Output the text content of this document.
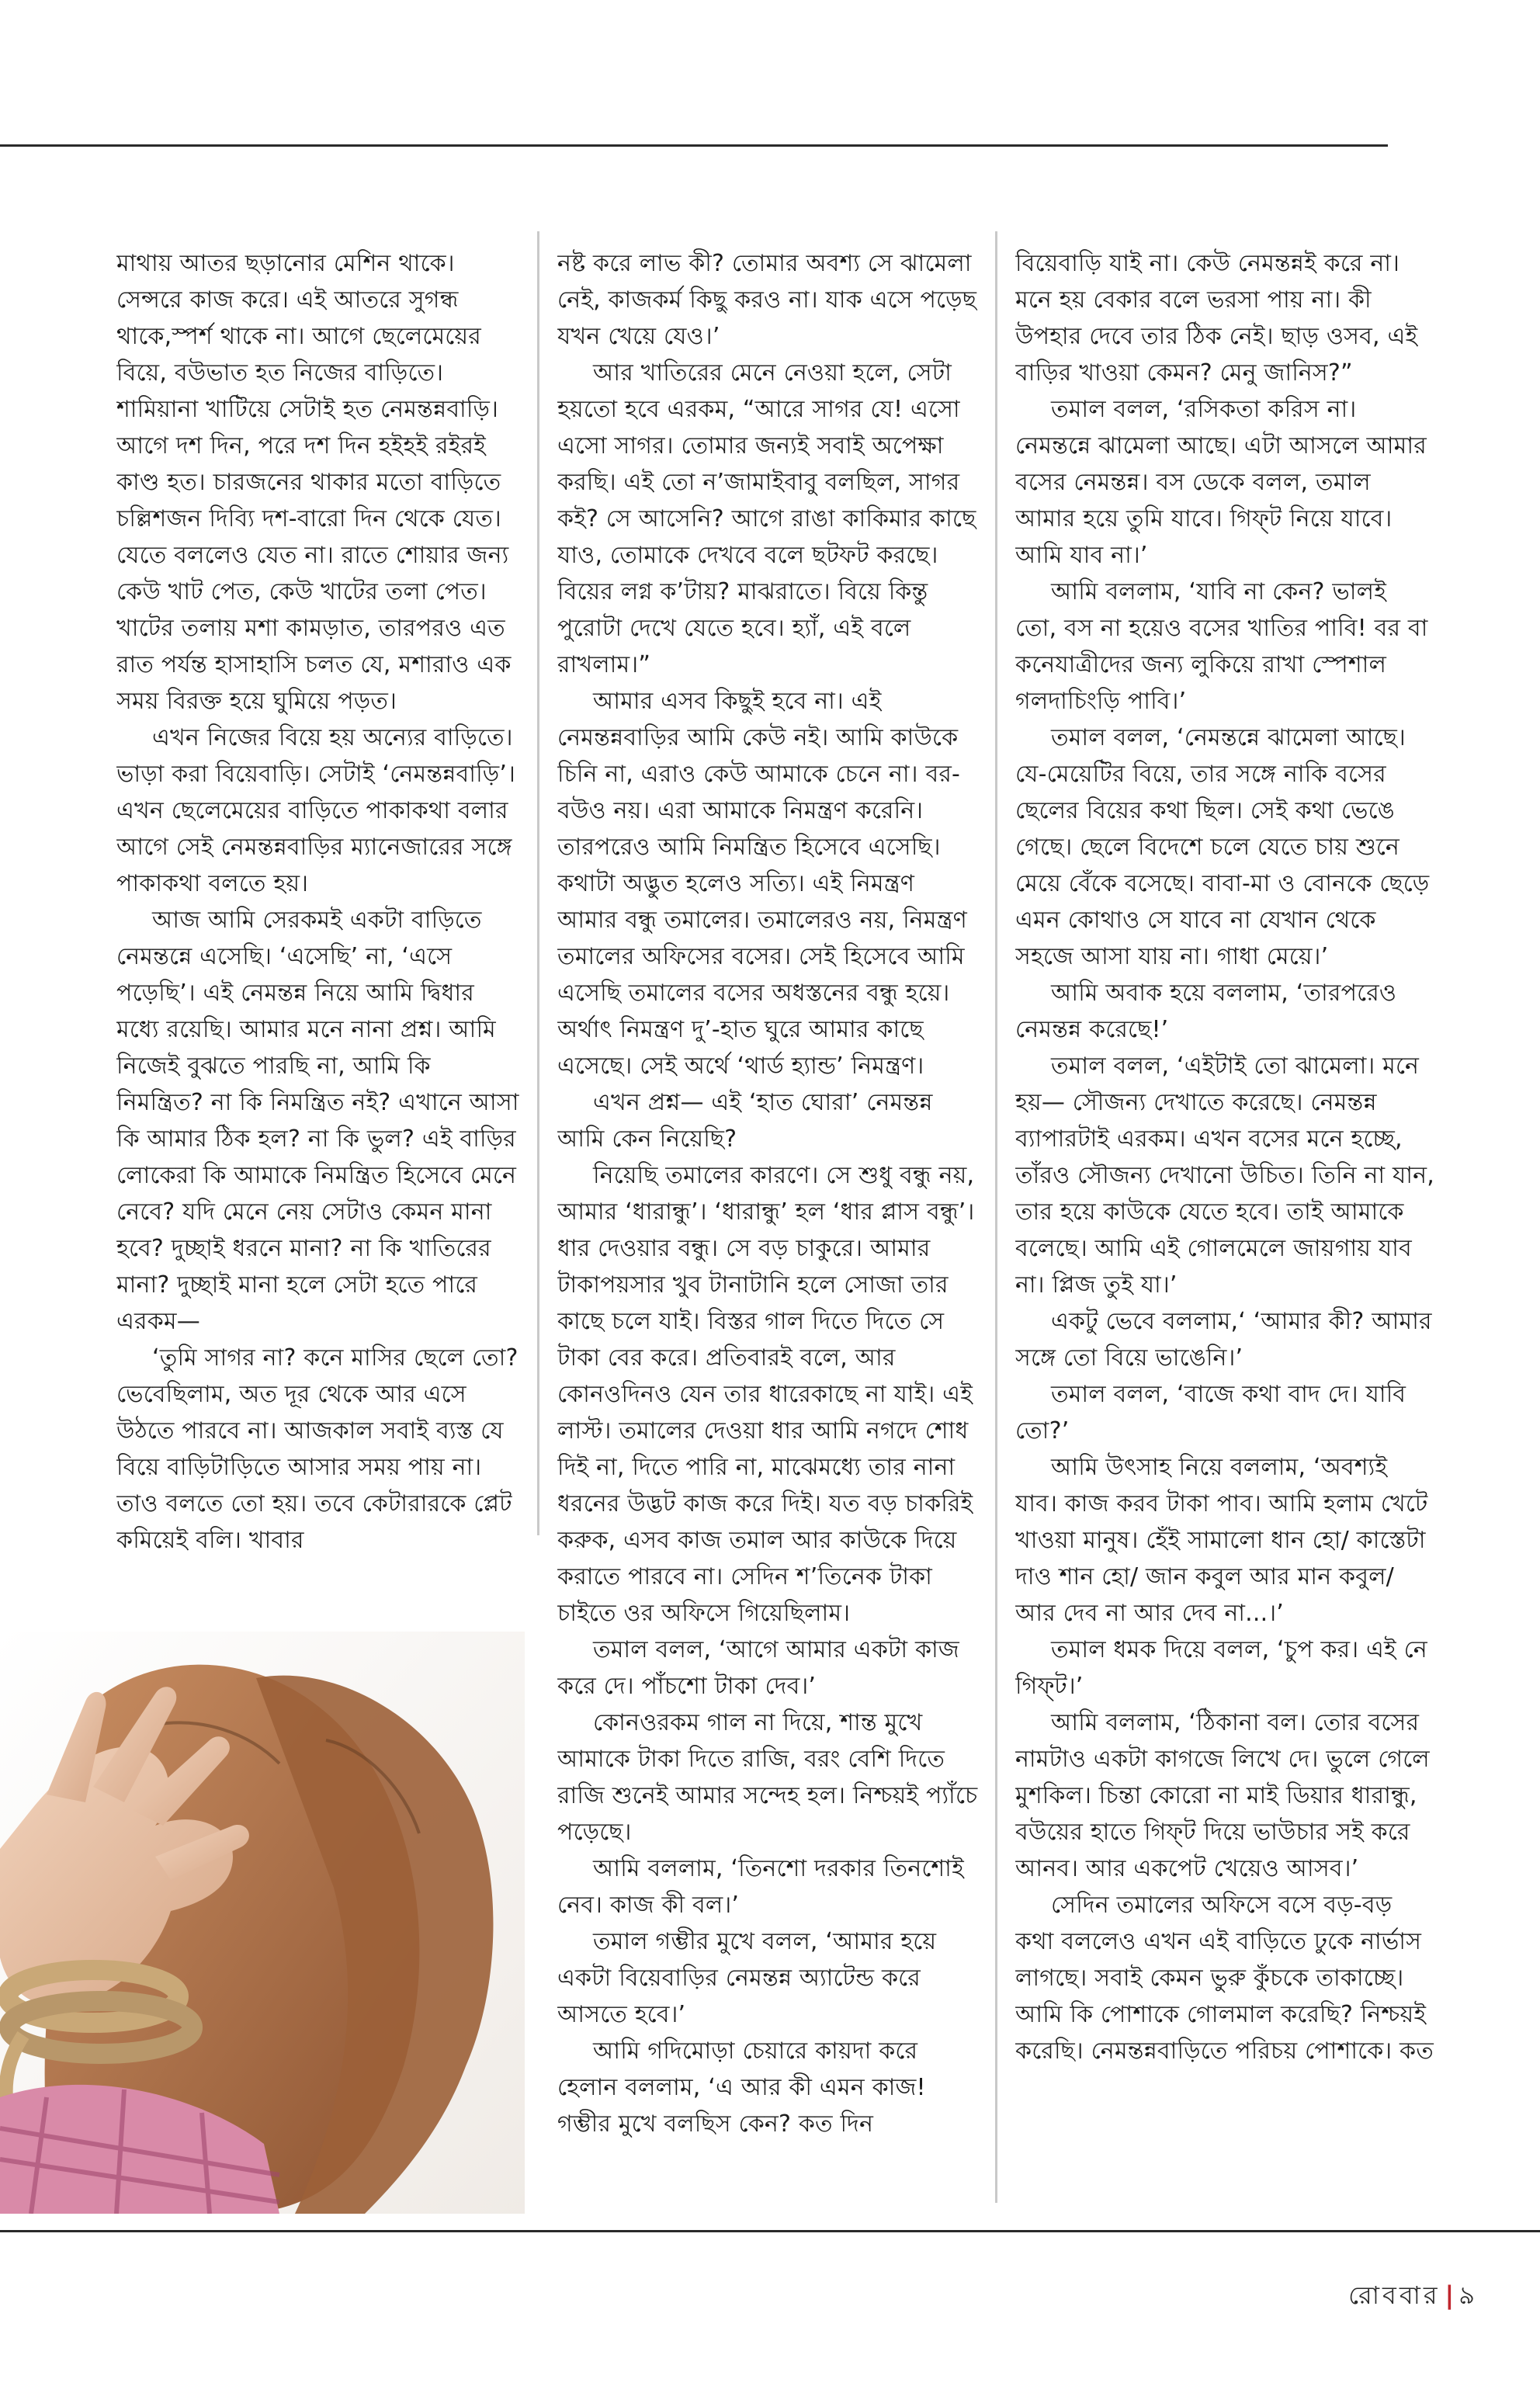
মাথায় আতর ছড়ানোর মেশিন থাকে। সেন্সরে কাজ করে। এই আতরে সুগন্ধ থাকে,স্পর্শ থাকে না। আগে ছেলেমেয়ের বিয়ে, বউভাত হত নিজের বাড়িতে। শামিয়ানা খাটিয়ে সেটাই হত নেমন্তন্নবাড়ি। আগে দশ দিন, পরে দশ দিন হইহই রইরই কাণ্ড হত। চারজনের থাকার মতো বাড়িতে চল্লিশজন দিব্যি দশ-বারো দিন থেকে যেত। যেতে বললেও যেত না। রাতে শোয়ার জন্য কেউ খাট পেত, কেউ খাটের তলা পেত। খাটের তলায় মশা কামড়াত, তারপরও এত রাত পর্যন্ত হাসাহাসি চলত যে, মশারাও এক সময় বিরক্ত হয়ে ঘুমিয়ে পড়ত।

এখন নিজের বিয়ে হয় অন্যের বাড়িতে। ভাড়া করা বিয়েবাড়ি। সেটাই ‘নেমন্তন্নবাড়ি’। এখন ছেলেমেয়ের বাড়িতে পাকাকথা বলার আগে সেই নেমন্তন্নবাড়ির ম্যানেজারের সঙ্গে পাকাকথা বলতে হয়।

আজ আমি সেরকমই একটা বাড়িতে নেমন্তন্নে এসেছি। ‘এসেছি’ না, ‘এসে পড়েছি’। এই নেমন্তন্ন নিয়ে আমি দ্বিধার মধ্যে রয়েছি। আমার মনে নানা প্রশ্ন। আমি নিজেই বুঝতে পারছি না, আমি কি নিমন্ত্রিত? না কি নিমন্ত্রিত নই? এখানে আসা কি আমার ঠিক হল? না কি ভুল? এই বাড়ির লোকেরা কি আমাকে নিমন্ত্রিত হিসেবে মেনে নেবে? যদি মেনে নেয় সেটাও কেমন মানা হবে? দুচ্ছাই ধরনে মানা? না কি খাতিরের মানা? দুচ্ছাই মানা হলে সেটা হতে পারে এরকম—

‘তুমি সাগর না? কনে মাসির ছেলে তো? ভেবেছিলাম, অত দূর থেকে আর এসে উঠতে পারবে না। আজকাল সবাই ব্যস্ত যে বিয়ে বাড়িটাড়িতে আসার সময় পায় না। তাও বলতে তো হয়। তবে কেটারারকে প্লেট কমিয়েই বলি। খাবার

নষ্ট করে লাভ কী? তোমার অবশ্য সে ঝামেলা নেই, কাজকর্ম কিছু করও না। যাক এসে পড়েছ যখন খেয়ে যেও।’

আর খাতিরের মেনে নেওয়া হলে, সেটা হয়তো হবে এরকম, “আরে সাগর যে! এসো এসো সাগর। তোমার জন্যই সবাই অপেক্ষা করছি। এই তো ন’জামাইবাবু বলছিল, সাগর কই? সে আসেনি? আগে রাঙা কাকিমার কাছে যাও, তোমাকে দেখবে বলে ছটফট করছে। বিয়ের লগ্ন ক’টায়? মাঝরাতে। বিয়ে কিন্তু পুরোটা দেখে যেতে হবে। হ্যাঁ, এই বলে রাখলাম।”

আমার এসব কিছুই হবে না। এই নেমন্তন্নবাড়ির আমি কেউ নই। আমি কাউকে চিনি না, এরাও কেউ আমাকে চেনে না। বর-বউও নয়। এরা আমাকে নিমন্ত্রণ করেনি। তারপরেও আমি নিমন্ত্রিত হিসেবে এসেছি। কথাটা অদ্ভুত হলেও সত্যি। এই নিমন্ত্রণ আমার বন্ধু তমালের। তমালেরও নয়, নিমন্ত্রণ তমালের অফিসের বসের। সেই হিসেবে আমি এসেছি তমালের বসের অধস্তনের বন্ধু হয়ে। অর্থাৎ নিমন্ত্রণ দু’-হাত ঘুরে আমার কাছে এসেছে। সেই অর্থে ‘থার্ড হ্যান্ড’ নিমন্ত্রণ।

এখন প্রশ্ন— এই ‘হাত ঘোরা’ নেমন্তন্ন আমি কেন নিয়েছি?

নিয়েছি তমালের কারণে। সে শুধু বন্ধু নয়, আমার ‘ধারান্ধু’। ‘ধারান্ধু’ হল ‘ধার প্লাস বন্ধু’। ধার দেওয়ার বন্ধু। সে বড় চাকুরে। আমার টাকাপয়সার খুব টানাটানি হলে সোজা তার কাছে চলে যাই। বিস্তর গাল দিতে দিতে সে টাকা বের করে। প্রতিবারই বলে, আর কোনওদিনও যেন তার ধারেকাছে না যাই। এই লাস্ট। তমালের দেওয়া ধার আমি নগদে শোধ দিই না, দিতে পারি না, মাঝেমধ্যে তার নানা ধরনের উদ্ভট কাজ করে দিই। যত বড় চাকরিই করুক, এসব কাজ তমাল আর কাউকে দিয়ে করাতে পারবে না। সেদিন শ’তিনেক টাকা চাইতে ওর অফিসে গিয়েছিলাম।

তমাল বলল, ‘আগে আমার একটা কাজ করে দে। পাঁচশো টাকা দেব।’

কোনওরকম গাল না দিয়ে, শান্ত মুখে আমাকে টাকা দিতে রাজি, বরং বেশি দিতে রাজি শুনেই আমার সন্দেহ হল। নিশ্চয়ই প্যাঁচে পড়েছে।

আমি বললাম, ‘তিনশো দরকার তিনশোই নেব। কাজ কী বল।’

তমাল গম্ভীর মুখে বলল, ‘আমার হয়ে একটা বিয়েবাড়ির নেমন্তন্ন অ্যাটেন্ড করে আসতে হবে।’

আমি গদিমোড়া চেয়ারে কায়দা করে হেলান বললাম, ‘এ আর কী এমন কাজ! গম্ভীর মুখে বলছিস কেন? কত দিন

বিয়েবাড়ি যাই না। কেউ নেমন্তন্নই করে না। মনে হয় বেকার বলে ভরসা পায় না। কী উপহার দেবে তার ঠিক নেই। ছাড় ওসব, এই বাড়ির খাওয়া কেমন? মেনু জানিস?”

তমাল বলল, ‘রসিকতা করিস না। নেমন্তন্নে ঝামেলা আছে। এটা আসলে আমার বসের নেমন্তন্ন। বস ডেকে বলল, তমাল আমার হয়ে তুমি যাবে। গিফ্‌ট নিয়ে যাবে। আমি যাব না।’

আমি বললাম, ‘যাবি না কেন? ভালই তো, বস না হয়েও বসের খাতির পাবি! বর বা কনেযাত্রীদের জন্য লুকিয়ে রাখা স্পেশাল গলদাচিংড়ি পাবি।’

তমাল বলল, ‘নেমন্তন্নে ঝামেলা আছে। যে-মেয়েটির বিয়ে, তার সঙ্গে নাকি বসের ছেলের বিয়ের কথা ছিল। সেই কথা ভেঙে গেছে। ছেলে বিদেশে চলে যেতে চায় শুনে মেয়ে বেঁকে বসেছে। বাবা-মা ও বোনকে ছেড়ে এমন কোথাও সে যাবে না যেখান থেকে সহজে আসা যায় না। গাধা মেয়ে।’

আমি অবাক হয়ে বললাম, ‘তারপরেও নেমন্তন্ন করেছে!’

তমাল বলল, ‘এইটাই তো ঝামেলা। মনে হয়— সৌজন্য দেখাতে করেছে। নেমন্তন্ন ব্যাপারটাই এরকম। এখন বসের মনে হচ্ছে, তাঁরও সৌজন্য দেখানো উচিত। তিনি না যান, তার হয়ে কাউকে যেতে হবে। তাই আমাকে বলেছে। আমি এই গোলমেলে জায়গায় যাব না। প্লিজ তুই যা।’

একটু ভেবে বললাম,‘ ‘আমার কী? আমার সঙ্গে তো বিয়ে ভাঙেনি।’

তমাল বলল, ‘বাজে কথা বাদ দে। যাবি তো?’

আমি উৎসাহ নিয়ে বললাম, ‘অবশ্যই যাব। কাজ করব টাকা পাব। আমি হলাম খেটে খাওয়া মানুষ। হেঁই সামালো ধান হো/ কাস্তেটা দাও শান হো/ জান কবুল আর মান কবুল/ আর দেব না আর দেব না...।’

তমাল ধমক দিয়ে বলল, ‘চুপ কর। এই নে গিফ্‌ট।’

আমি বললাম, ‘ঠিকানা বল। তোর বসের নামটাও একটা কাগজে লিখে দে। ভুলে গেলে মুশকিল। চিন্তা কোরো না মাই ডিয়ার ধারান্ধু, বউয়ের হাতে গিফ্‌ট দিয়ে ভাউচার সই করে আনব। আর একপেট খেয়েও আসব।’

সেদিন তমালের অফিসে বসে বড়-বড় কথা বললেও এখন এই বাড়িতে ঢুকে নার্ভাস লাগছে। সবাই কেমন ভুরু কুঁচকে তাকাচ্ছে। আমি কি পোশাকে গোলমাল করেছি? নিশ্চয়ই করেছি। নেমন্তন্নবাড়িতে পরিচয় পোশাকে। কত

রোববার | ৯
